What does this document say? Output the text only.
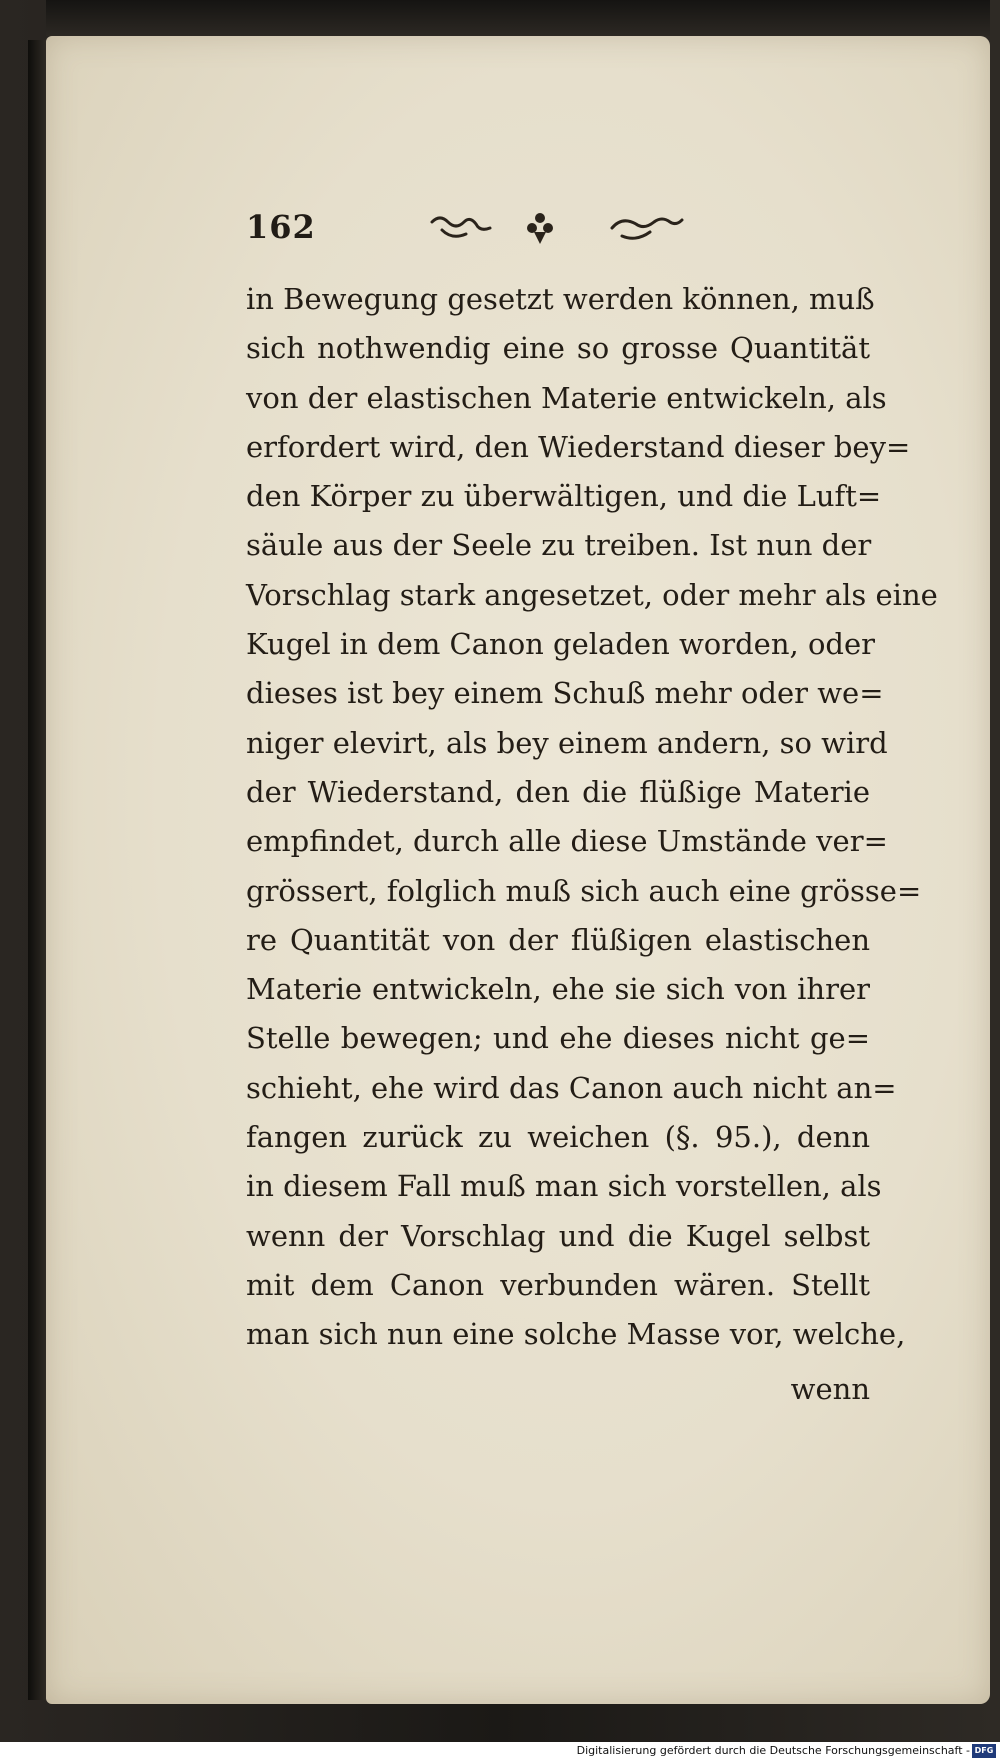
162
in Bewegung gesetzt werden können, muß
sich nothwendig eine so grosse Quantität
von der elastischen Materie entwickeln, als
erfordert wird, den Wiederstand dieser bey=
den Körper zu überwältigen, und die Luft=
säule aus der Seele zu treiben. Ist nun der
Vorschlag stark angesetzet, oder mehr als eine
Kugel in dem Canon geladen worden, oder
dieses ist bey einem Schuß mehr oder we=
niger elevirt, als bey einem andern, so wird
der Wiederstand, den die flüßige Materie
empfindet, durch alle diese Umstände ver=
grössert, folglich muß sich auch eine grösse=
re Quantität von der flüßigen elastischen
Materie entwickeln, ehe sie sich von ihrer
Stelle bewegen; und ehe dieses nicht ge=
schieht, ehe wird das Canon auch nicht an=
fangen zurück zu weichen (§. 95.), denn
in diesem Fall muß man sich vorstellen, als
wenn der Vorschlag und die Kugel selbst
mit dem Canon verbunden wären. Stellt
man sich nun eine solche Masse vor, welche,
wenn
Digitalisierung gefördert durch die Deutsche Forschungsgemeinschaft - DFG
